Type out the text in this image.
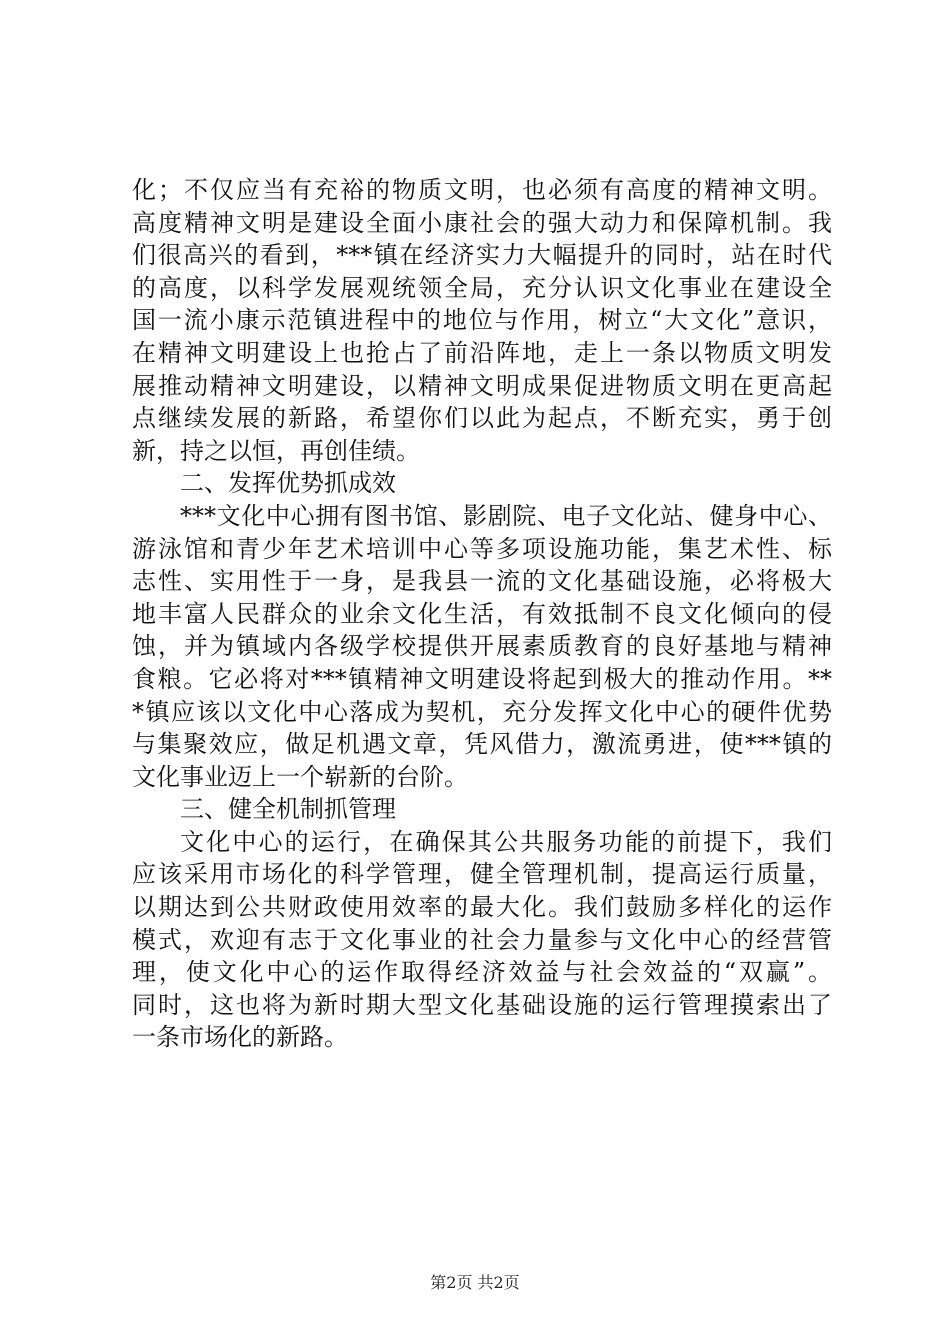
化；不仅应当有充裕的物质文明，也必须有高度的精神文明。
高度精神文明是建设全面小康社会的强大动力和保障机制。我
们很高兴的看到，***镇在经济实力大幅提升的同时，站在时代
的高度，以科学发展观统领全局，充分认识文化事业在建设全
国一流小康示范镇进程中的地位与作用，树立“大文化”意识，
在精神文明建设上也抢占了前沿阵地，走上一条以物质文明发
展推动精神文明建设，以精神文明成果促进物质文明在更高起
点继续发展的新路，希望你们以此为起点，不断充实，勇于创
新，持之以恒，再创佳绩。
二、发挥优势抓成效
***文化中心拥有图书馆、影剧院、电子文化站、健身中心、
游泳馆和青少年艺术培训中心等多项设施功能，集艺术性、标
志性、实用性于一身，是我县一流的文化基础设施，必将极大
地丰富人民群众的业余文化生活，有效抵制不良文化倾向的侵
蚀，并为镇域内各级学校提供开展素质教育的良好基地与精神
食粮。它必将对***镇精神文明建设将起到极大的推动作用。**
*镇应该以文化中心落成为契机，充分发挥文化中心的硬件优势
与集聚效应，做足机遇文章，凭风借力，激流勇进，使***镇的
文化事业迈上一个崭新的台阶。
三、健全机制抓管理
文化中心的运行，在确保其公共服务功能的前提下，我们
应该采用市场化的科学管理，健全管理机制，提高运行质量，
以期达到公共财政使用效率的最大化。我们鼓励多样化的运作
模式，欢迎有志于文化事业的社会力量参与文化中心的经营管
理，使文化中心的运作取得经济效益与社会效益的“双赢”。
同时，这也将为新时期大型文化基础设施的运行管理摸索出了
一条市场化的新路。
第2页 共2页
